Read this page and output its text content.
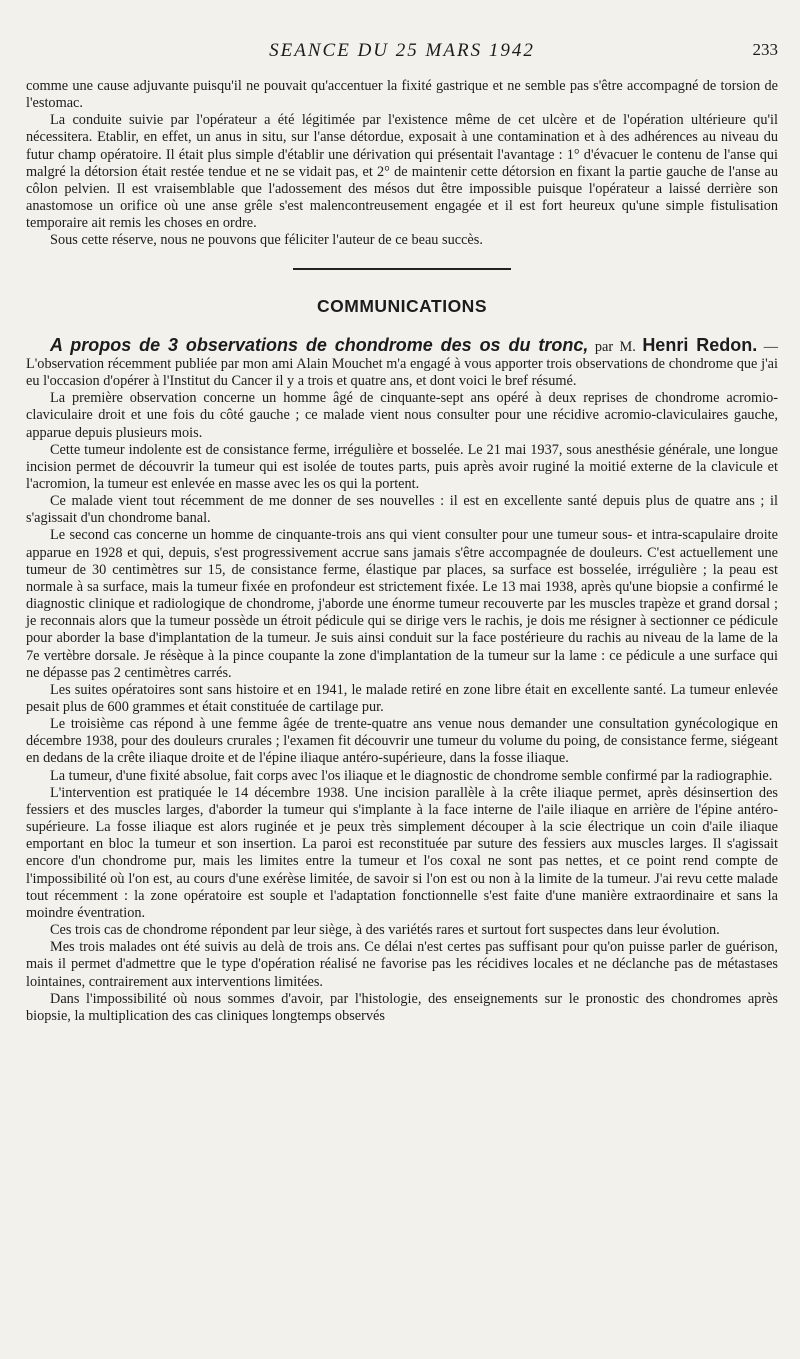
SEANCE DU 25 MARS 1942	233

comme une cause adjuvante puisqu'il ne pouvait qu'accentuer la fixité gastrique et ne semble pas s'être accompagné de torsion de l'estomac.

La conduite suivie par l'opérateur a été légitimée par l'existence même de cet ulcère et de l'opération ultérieure qu'il nécessitera. Etablir, en effet, un anus in situ, sur l'anse détordue, exposait à une contamination et à des adhérences au niveau du futur champ opératoire. Il était plus simple d'établir une dérivation qui présentait l'avantage : 1° d'évacuer le contenu de l'anse qui malgré la détorsion était restée tendue et ne se vidait pas, et 2° de maintenir cette détorsion en fixant la partie gauche de l'anse au côlon pelvien. Il est vraisemblable que l'adossement des mésos dut être impossible puisque l'opérateur a laissé derrière son anastomose un orifice où une anse grêle s'est malencontreusement engagée et il est fort heureux qu'une simple fistulisation temporaire ait remis les choses en ordre.

Sous cette réserve, nous ne pouvons que féliciter l'auteur de ce beau succès.

COMMUNICATIONS

A propos de 3 observations de chondrome des os du tronc, par M. Henri Redon. — L'observation récemment publiée par mon ami Alain Mouchet m'a engagé à vous apporter trois observations de chondrome que j'ai eu l'occasion d'opérer à l'Institut du Cancer il y a trois et quatre ans, et dont voici le bref résumé.

La première observation concerne un homme âgé de cinquante-sept ans opéré à deux reprises de chondrome acromio-claviculaire droit et une fois du côté gauche ; ce malade vient nous consulter pour une récidive acromio-claviculaires gauche, apparue depuis plusieurs mois.

Cette tumeur indolente est de consistance ferme, irrégulière et bosselée. Le 21 mai 1937, sous anesthésie générale, une longue incision permet de découvrir la tumeur qui est isolée de toutes parts, puis après avoir ruginé la moitié externe de la clavicule et l'acromion, la tumeur est enlevée en masse avec les os qui la portent.

Ce malade vient tout récemment de me donner de ses nouvelles : il est en excellente santé depuis plus de quatre ans ; il s'agissait d'un chondrome banal.

Le second cas concerne un homme de cinquante-trois ans qui vient consulter pour une tumeur sous- et intra-scapulaire droite apparue en 1928 et qui, depuis, s'est progressivement accrue sans jamais s'être accompagnée de douleurs. C'est actuellement une tumeur de 30 centimètres sur 15, de consistance ferme, élastique par places, sa surface est bosselée, irrégulière ; la peau est normale à sa surface, mais la tumeur fixée en profondeur est strictement fixée. Le 13 mai 1938, après qu'une biopsie a confirmé le diagnostic clinique et radiologique de chondrome, j'aborde une énorme tumeur recouverte par les muscles trapèze et grand dorsal ; je reconnais alors que la tumeur possède un étroit pédicule qui se dirige vers le rachis, je dois me résigner à sectionner ce pédicule pour aborder la base d'implantation de la tumeur. Je suis ainsi conduit sur la face postérieure du rachis au niveau de la lame de la 7e vertèbre dorsale. Je résèque à la pince coupante la zone d'implantation de la tumeur sur la lame : ce pédicule a une surface qui ne dépasse pas 2 centimètres carrés.

Les suites opératoires sont sans histoire et en 1941, le malade retiré en zone libre était en excellente santé. La tumeur enlevée pesait plus de 600 grammes et était constituée de cartilage pur.

Le troisième cas répond à une femme âgée de trente-quatre ans venue nous demander une consultation gynécologique en décembre 1938, pour des douleurs crurales ; l'examen fit découvrir une tumeur du volume du poing, de consistance ferme, siégeant en dedans de la crête iliaque droite et de l'épine iliaque antéro-supérieure, dans la fosse iliaque.

La tumeur, d'une fixité absolue, fait corps avec l'os iliaque et le diagnostic de chondrome semble confirmé par la radiographie.

L'intervention est pratiquée le 14 décembre 1938. Une incision parallèle à la crête iliaque permet, après désinsertion des fessiers et des muscles larges, d'aborder la tumeur qui s'implante à la face interne de l'aile iliaque en arrière de l'épine antéro-supérieure. La fosse iliaque est alors ruginée et je peux très simplement découper à la scie électrique un coin d'aile iliaque emportant en bloc la tumeur et son insertion. La paroi est reconstituée par suture des fessiers aux muscles larges. Il s'agissait encore d'un chondrome pur, mais les limites entre la tumeur et l'os coxal ne sont pas nettes, et ce point rend compte de l'impossibilité où l'on est, au cours d'une exérèse limitée, de savoir si l'on est ou non à la limite de la tumeur. J'ai revu cette malade tout récemment : la zone opératoire est souple et l'adaptation fonctionnelle s'est faite d'une manière extraordinaire et sans la moindre éventration.

Ces trois cas de chondrome répondent par leur siège, à des variétés rares et surtout fort suspectes dans leur évolution.

Mes trois malades ont été suivis au delà de trois ans. Ce délai n'est certes pas suffisant pour qu'on puisse parler de guérison, mais il permet d'admettre que le type d'opération réalisé ne favorise pas les récidives locales et ne déclanche pas de métastases lointaines, contrairement aux interventions limitées.

Dans l'impossibilité où nous sommes d'avoir, par l'histologie, des enseignements sur le pronostic des chondromes après biopsie, la multiplication des cas cliniques longtemps observés
